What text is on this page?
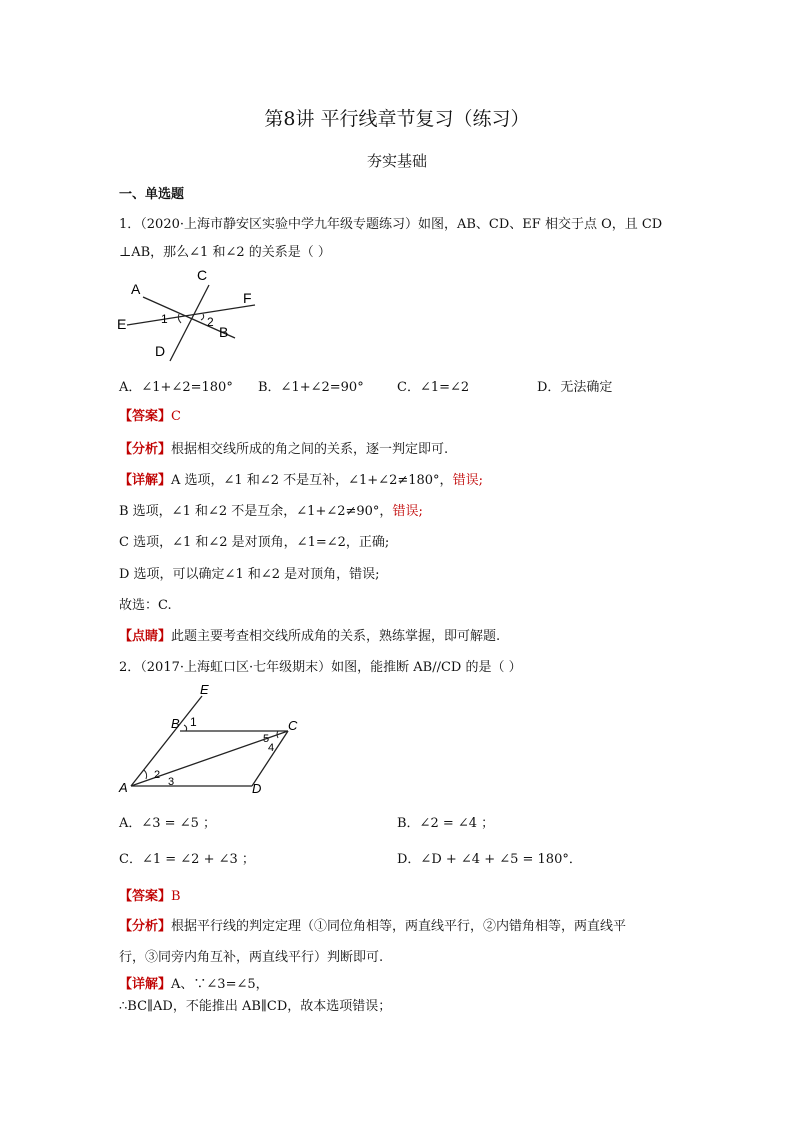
第8讲 平行线章节复习（练习）
夯实基础
一、单选题
1．（2020·上海市静安区实验中学九年级专题练习）如图，AB、CD、EF 相交于点 O，且 CD
⊥AB，那么∠1 和∠2 的关系是（ ）
A
C
F
E	B
D
1	2
A．∠1+∠2=180° B．∠1+∠2=90°	C．∠1=∠2	D．无法确定
【答案】C
【分析】根据相交线所成的角之间的关系，逐一判定即可.
【详解】A 选项，∠1 和∠2 不是互补，∠1+∠2≠180°，错误;
B 选项，∠1 和∠2 不是互余，∠1+∠2≠90°，错误;
C 选项，∠1 和∠2 是对顶角，∠1=∠2，正确;
D 选项，可以确定∠1 和∠2 是对顶角，错误;
故选：C.
【点睛】此题主要考查相交线所成角的关系，熟练掌握，即可解题.
2．（2017·上海虹口区·七年级期末）如图，能推断 AB//CD 的是（ ）
E
B 1	C
5
4
2
3
A	D
A．∠3 = ∠5 ；	B．∠2 = ∠4 ；
C．∠1 = ∠2 + ∠3 ；	D．∠D + ∠4 + ∠5 = 180°．
【答案】B
【分析】根据平行线的判定定理（①同位角相等，两直线平行，②内错角相等，两直线平
行，③同旁内角互补，两直线平行）判断即可.
【详解】A、∵∠3=∠5，
∴BC∥AD，不能推出 AB∥CD，故本选项错误；
